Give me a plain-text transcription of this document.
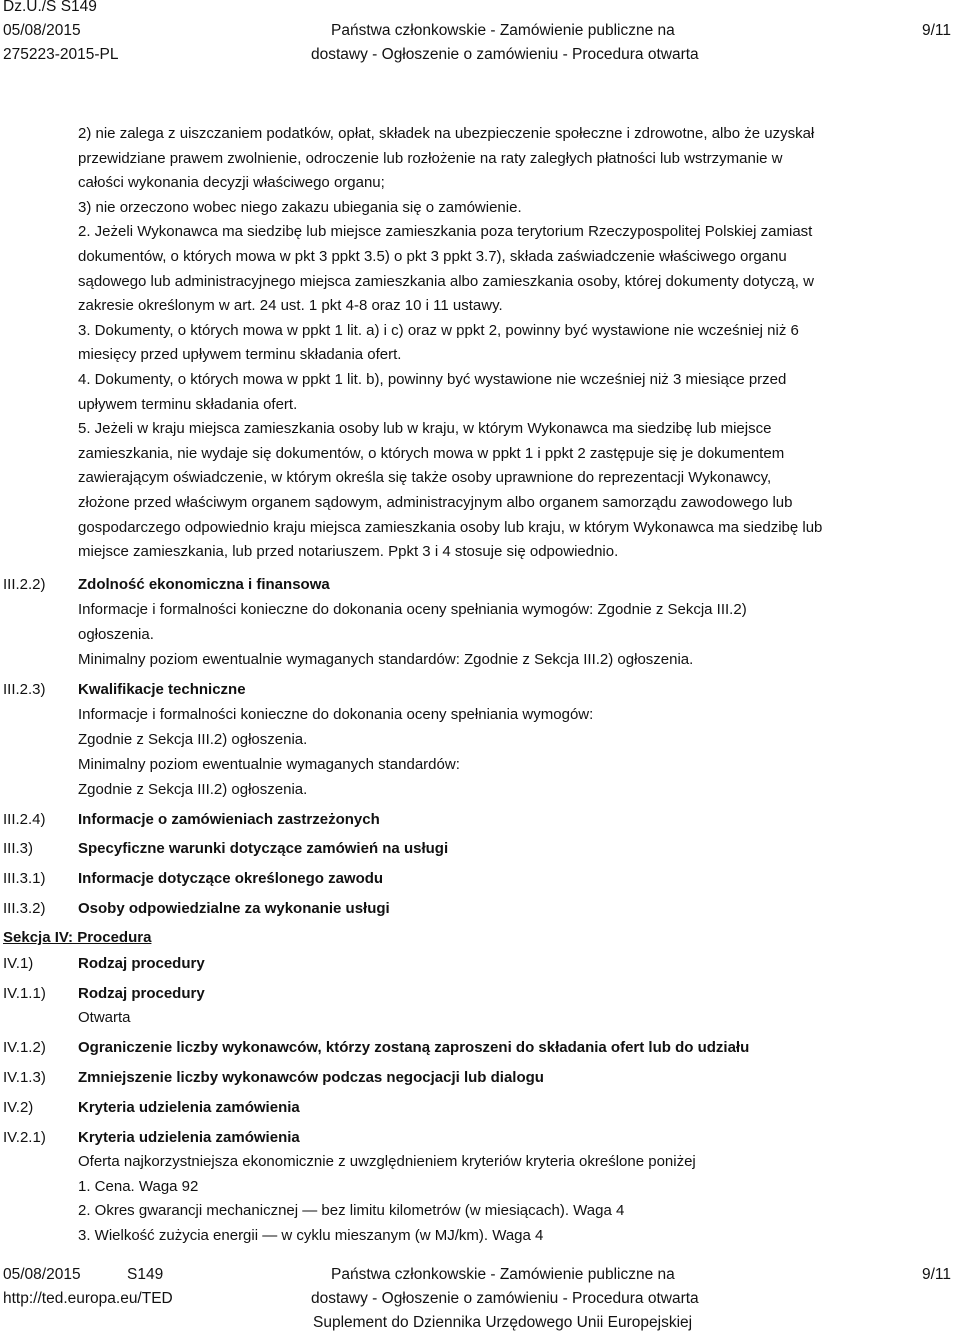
Dz.U./S S149
05/08/2015
275223-2015-PL
Państwa członkowskie - Zamówienie publiczne na
dostawy - Ogłoszenie o zamówieniu - Procedura otwarta
9/11
2) nie zalega z uiszczaniem podatków, opłat, składek na ubezpieczenie społeczne i zdrowotne, albo że uzyskał
przewidziane prawem zwolnienie, odroczenie lub rozłożenie na raty zaległych płatności lub wstrzymanie w
całości wykonania decyzji właściwego organu;
3) nie orzeczono wobec niego zakazu ubiegania się o zamówienie.
2. Jeżeli Wykonawca ma siedzibę lub miejsce zamieszkania poza terytorium Rzeczypospolitej Polskiej zamiast
dokumentów, o których mowa w pkt 3 ppkt 3.5) o pkt 3 ppkt 3.7), składa zaświadczenie właściwego organu
sądowego lub administracyjnego miejsca zamieszkania albo zamieszkania osoby, której dokumenty dotyczą, w
zakresie określonym w art. 24 ust. 1 pkt 4-8 oraz 10 i 11 ustawy.
3. Dokumenty, o których mowa w ppkt 1 lit. a) i c) oraz w ppkt 2, powinny być wystawione nie wcześniej niż 6
miesięcy przed upływem terminu składania ofert.
4. Dokumenty, o których mowa w ppkt 1 lit. b), powinny być wystawione nie wcześniej niż 3 miesiące przed
upływem terminu składania ofert.
5. Jeżeli w kraju miejsca zamieszkania osoby lub w kraju, w którym Wykonawca ma siedzibę lub miejsce
zamieszkania, nie wydaje się dokumentów, o których mowa w ppkt 1 i ppkt 2 zastępuje się je dokumentem
zawierającym oświadczenie, w którym określa się także osoby uprawnione do reprezentacji Wykonawcy,
złożone przed właściwym organem sądowym, administracyjnym albo organem samorządu zawodowego lub
gospodarczego odpowiednio kraju miejsca zamieszkania osoby lub kraju, w którym Wykonawca ma siedzibę lub
miejsce zamieszkania, lub przed notariuszem. Ppkt 3 i 4 stosuje się odpowiednio.
III.2.2) Zdolność ekonomiczna i finansowa
Informacje i formalności konieczne do dokonania oceny spełniania wymogów: Zgodnie z Sekcja III.2)
ogłoszenia.
Minimalny poziom ewentualnie wymaganych standardów: Zgodnie z Sekcja III.2) ogłoszenia.
III.2.3) Kwalifikacje techniczne
Informacje i formalności konieczne do dokonania oceny spełniania wymogów:
Zgodnie z Sekcja III.2) ogłoszenia.
Minimalny poziom ewentualnie wymaganych standardów:
Zgodnie z Sekcja III.2) ogłoszenia.
III.2.4) Informacje o zamówieniach zastrzeżonych
III.3)	Specyficzne warunki dotyczące zamówień na usługi
III.3.1) Informacje dotyczące określonego zawodu
III.3.2) Osoby odpowiedzialne za wykonanie usługi
Sekcja IV: Procedura
IV.1)	Rodzaj procedury
IV.1.1) Rodzaj procedury
Otwarta
IV.1.2) Ograniczenie liczby wykonawców, którzy zostaną zaproszeni do składania ofert lub do udziału
IV.1.3) Zmniejszenie liczby wykonawców podczas negocjacji lub dialogu
IV.2)	Kryteria udzielenia zamówienia
IV.2.1) Kryteria udzielenia zamówienia
Oferta najkorzystniejsza ekonomicznie z uwzględnieniem kryteriów kryteria określone poniżej
1. Cena. Waga 92
2. Okres gwarancji mechanicznej — bez limitu kilometrów (w miesiącach). Waga 4
3. Wielkość zużycia energii — w cyklu mieszanym (w MJ/km). Waga 4
05/08/2015	S149
http://ted.europa.eu/TED
Państwa członkowskie - Zamówienie publiczne na
dostawy - Ogłoszenie o zamówieniu - Procedura otwarta
Suplement do Dziennika Urzędowego Unii Europejskiej
9/11
